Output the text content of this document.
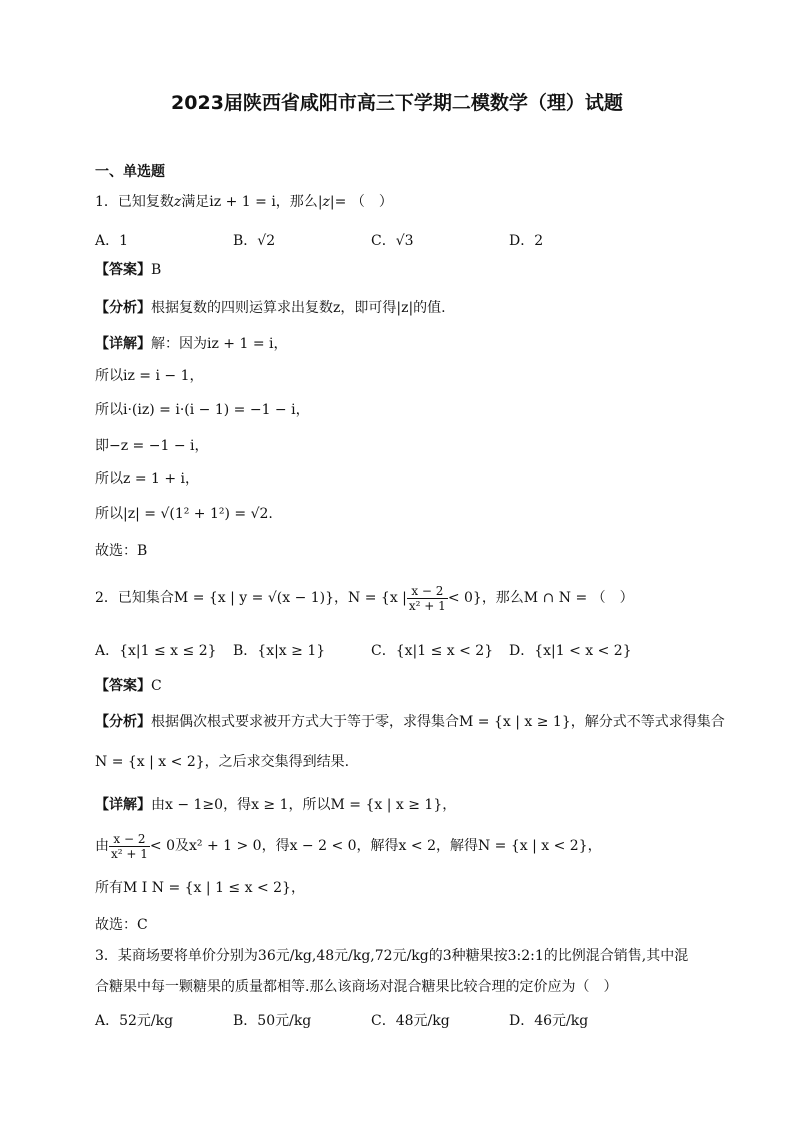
2023届陕西省咸阳市高三下学期二模数学（理）试题
一、单选题
1．已知复数z满足iz + 1 = i，那么|z|= （　）
A．1	B．√2	C．√3	D．2
【答案】B
【分析】根据复数的四则运算求出复数z，即可得|z|的值.
【详解】解：因为iz + 1 = i，
所以iz = i − 1，
所以i·(iz) = i·(i − 1) = −1 − i，
即−z = −1 − i，
所以z = 1 + i，
所以|z| = √(1² + 1²) = √2.
故选：B
2．已知集合M = {x | y = √(x − 1)}，N = {x | $\frac{x - 2}{\text{x² + 1}} < 0$}，那么M ∩ N = （　）
A．{x|1 ≤ x ≤ 2} B．{x|x ≥ 1}	C．{x|1 ≤ x < 2} D．{x|1 < x < 2}
【答案】C
【分析】根据偶次根式要求被开方式大于等于零，求得集合M = {x | x ≥ 1}，解分式不等式求得集合
N = {x | x < 2}，之后求交集得到结果.
【详解】由x − 1≥0，得x ≥ 1，所以M = {x | x ≥ 1}，
由 $\frac{x - 2}{\text{x² + 1}} < 0$及x² + 1 > 0，得x − 2 < 0，解得x < 2，解得N = {x | x < 2}，
所有M I N = {x | 1 ≤ x < 2}，
故选：C
3．某商场要将单价分别为36元/kg,48元/kg,72元/kg的3种糖果按3:2:1的比例混合销售,其中混
合糖果中每一颗糖果的质量都相等.那么该商场对混合糖果比较合理的定价应为（　）
A．52元/kg	B．50元/kg	C．48元/kg	D．46元/kg
